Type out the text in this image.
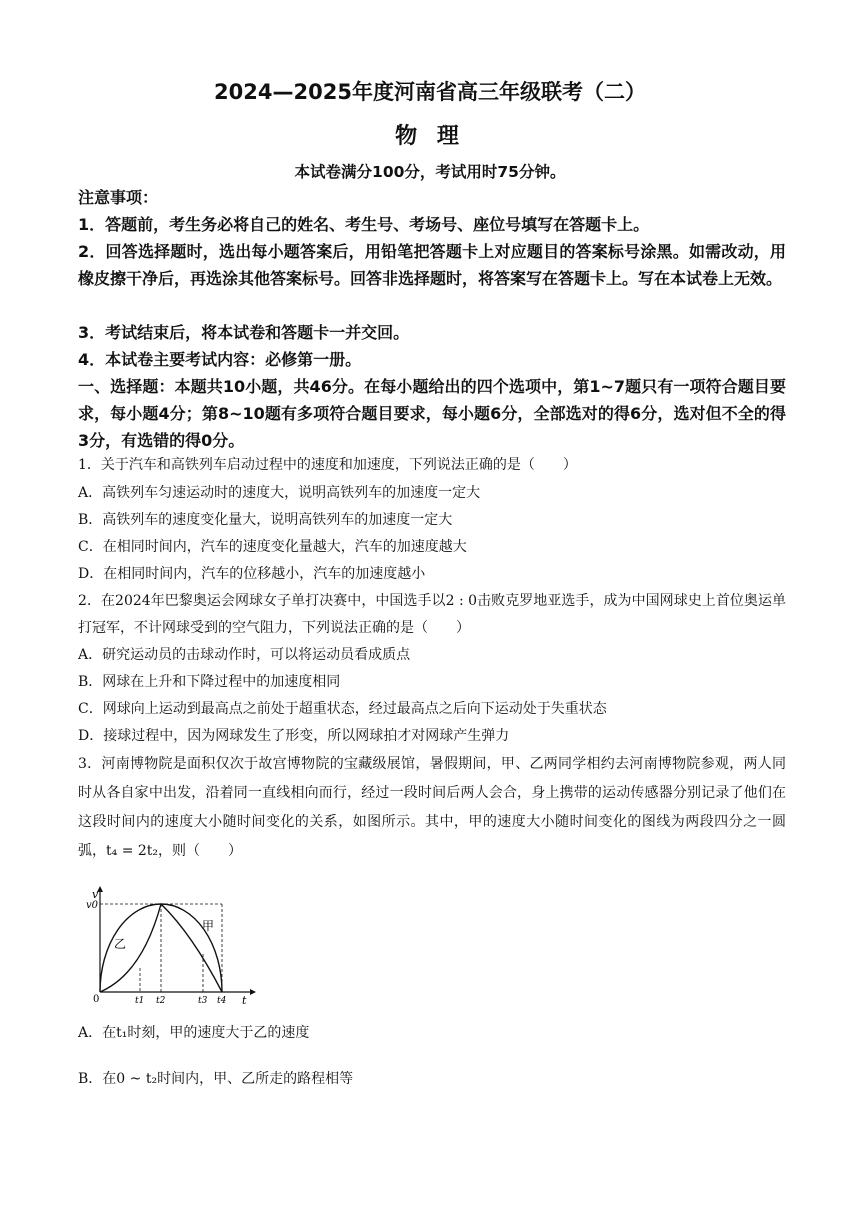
2024—2025年度河南省高三年级联考（二）
物 理
本试卷满分100分，考试用时75分钟。
注意事项：
1．答题前，考生务必将自己的姓名、考生号、考场号、座位号填写在答题卡上。
2．回答选择题时，选出每小题答案后，用铅笔把答题卡上对应题目的答案标号涂黑。如需改动，用橡皮擦干净后，再选涂其他答案标号。回答非选择题时，将答案写在答题卡上。写在本试卷上无效。
3．考试结束后，将本试卷和答题卡一并交回。
4．本试卷主要考试内容：必修第一册。
一、选择题：本题共10小题，共46分。在每小题给出的四个选项中，第1~7题只有一项符合题目要求，每小题4分；第8~10题有多项符合题目要求，每小题6分，全部选对的得6分，选对但不全的得3分，有选错的得0分。
1．关于汽车和高铁列车启动过程中的速度和加速度，下列说法正确的是（　　）
A．高铁列车匀速运动时的速度大，说明高铁列车的加速度一定大
B．高铁列车的速度变化量大，说明高铁列车的加速度一定大
C．在相同时间内，汽车的速度变化量越大，汽车的加速度越大
D．在相同时间内，汽车的位移越小，汽车的加速度越小
2．在2024年巴黎奥运会网球女子单打决赛中，中国选手以2 : 0击败克罗地亚选手，成为中国网球史上首位奥运单打冠军，不计网球受到的空气阻力，下列说法正确的是（　　）
A．研究运动员的击球动作时，可以将运动员看成质点
B．网球在上升和下降过程中的加速度相同
C．网球向上运动到最高点之前处于超重状态，经过最高点之后向下运动处于失重状态
D．接球过程中，因为网球发生了形变，所以网球拍才对网球产生弹力
3．河南博物院是面积仅次于故宫博物院的宝藏级展馆，暑假期间，甲、乙两同学相约去河南博物院参观，两人同时从各自家中出发，沿着同一直线相向而行，经过一段时间后两人会合，身上携带的运动传感器分别记录了他们在这段时间内的速度大小随时间变化的关系，如图所示。其中，甲的速度大小随时间变化的图线为两段四分之一圆弧，t₄ = 2t₂，则（　　）
v
t
v0
0	t1 t2	t3 t4
甲
乙
A．在t₁时刻，甲的速度大于乙的速度
B．在0 ~ t₂时间内，甲、乙所走的路程相等
